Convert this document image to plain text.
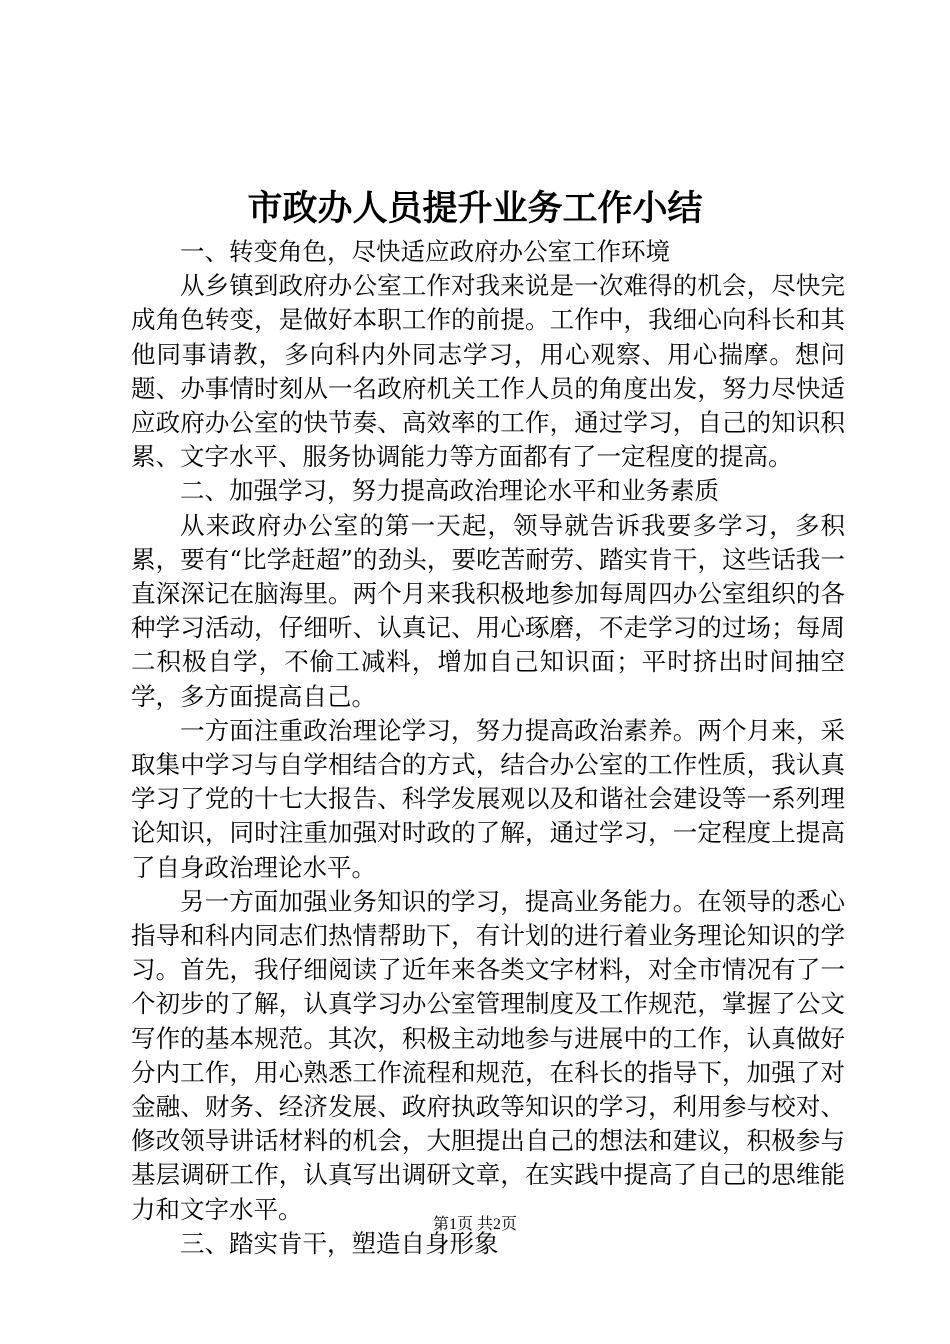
市政办人员提升业务工作小结

一、转变角色，尽快适应政府办公室工作环境

从乡镇到政府办公室工作对我来说是一次难得的机会，尽快完成角色转变，是做好本职工作的前提。工作中，我细心向科长和其他同事请教，多向科内外同志学习，用心观察、用心揣摩。想问题、办事情时刻从一名政府机关工作人员的角度出发，努力尽快适应政府办公室的快节奏、高效率的工作，通过学习，自己的知识积累、文字水平、服务协调能力等方面都有了一定程度的提高。

二、加强学习，努力提高政治理论水平和业务素质

从来政府办公室的第一天起，领导就告诉我要多学习，多积累，要有“比学赶超”的劲头，要吃苦耐劳、踏实肯干，这些话我一直深深记在脑海里。两个月来我积极地参加每周四办公室组织的各种学习活动，仔细听、认真记、用心琢磨，不走学习的过场；每周二积极自学，不偷工减料，增加自己知识面；平时挤出时间抽空学，多方面提高自己。

一方面注重政治理论学习，努力提高政治素养。两个月来，采取集中学习与自学相结合的方式，结合办公室的工作性质，我认真学习了党的十七大报告、科学发展观以及和谐社会建设等一系列理论知识，同时注重加强对时政的了解，通过学习，一定程度上提高了自身政治理论水平。

另一方面加强业务知识的学习，提高业务能力。在领导的悉心指导和科内同志们热情帮助下，有计划的进行着业务理论知识的学习。首先，我仔细阅读了近年来各类文字材料，对全市情况有了一个初步的了解，认真学习办公室管理制度及工作规范，掌握了公文写作的基本规范。其次，积极主动地参与进展中的工作，认真做好分内工作，用心熟悉工作流程和规范，在科长的指导下，加强了对金融、财务、经济发展、政府执政等知识的学习，利用参与校对、修改领导讲话材料的机会，大胆提出自己的想法和建议，积极参与基层调研工作，认真写出调研文章，在实践中提高了自己的思维能力和文字水平。

三、踏实肯干，塑造自身形象

第1页 共2页
